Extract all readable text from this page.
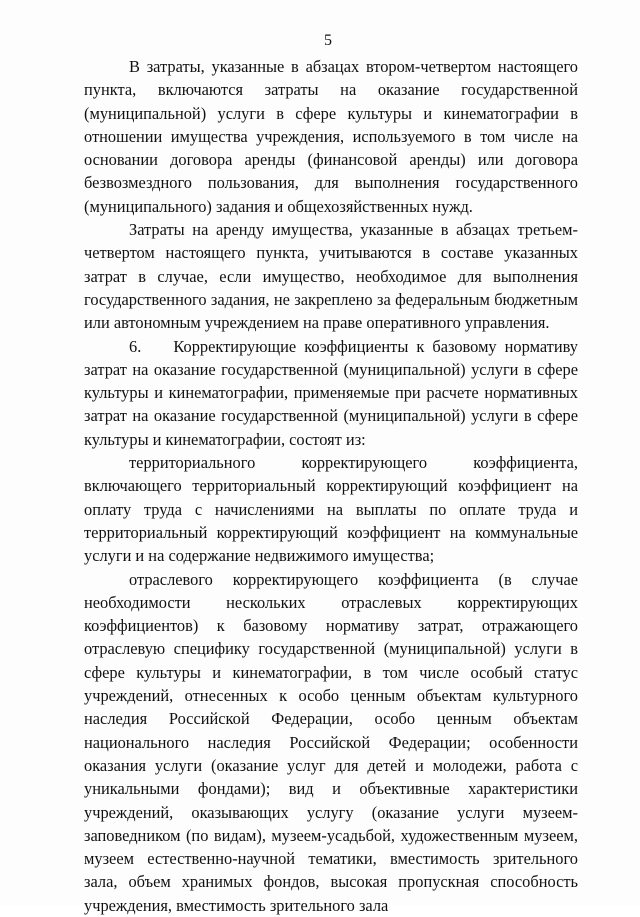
5

В затраты, указанные в абзацах втором-четвертом настоящего пункта, включаются затраты на оказание государственной (муниципальной) услуги в сфере культуры и кинематографии в отношении имущества учреждения, используемого в том числе на основании договора аренды (финансовой аренды) или договора безвозмездного пользования, для выполнения государственного (муниципального) задания и общехозяйственных нужд.

Затраты на аренду имущества, указанные в абзацах третьем-четвертом настоящего пункта, учитываются в составе указанных затрат в случае, если имущество, необходимое для выполнения государственного задания, не закреплено за федеральным бюджетным или автономным учреждением на праве оперативного управления.

6.    Корректирующие коэффициенты к базовому нормативу затрат на оказание государственной (муниципальной) услуги в сфере культуры и кинематографии, применяемые при расчете нормативных затрат на оказание государственной (муниципальной) услуги в сфере культуры и кинематографии, состоят из:

территориального корректирующего коэффициента, включающего территориальный корректирующий коэффициент на оплату труда с начислениями на выплаты по оплате труда и территориальный корректирующий коэффициент на коммунальные услуги и на содержание недвижимого имущества;

отраслевого корректирующего коэффициента (в случае необходимости нескольких отраслевых корректирующих коэффициентов) к базовому нормативу затрат, отражающего отраслевую специфику государственной (муниципальной) услуги в сфере культуры и кинематографии, в том числе особый статус учреждений, отнесенных к особо ценным объектам культурного наследия Российской Федерации, особо ценным объектам национального наследия Российской Федерации; особенности оказания услуги (оказание услуг для детей и молодежи, работа с уникальными фондами); вид и объективные характеристики учреждений, оказывающих услугу (оказание услуги музеем-заповедником (по видам), музеем-усадьбой, художественным музеем, музеем естественно-научной тематики, вместимость зрительного зала, объем хранимых фондов, высокая пропускная способность учреждения, вместимость зрительного зала
